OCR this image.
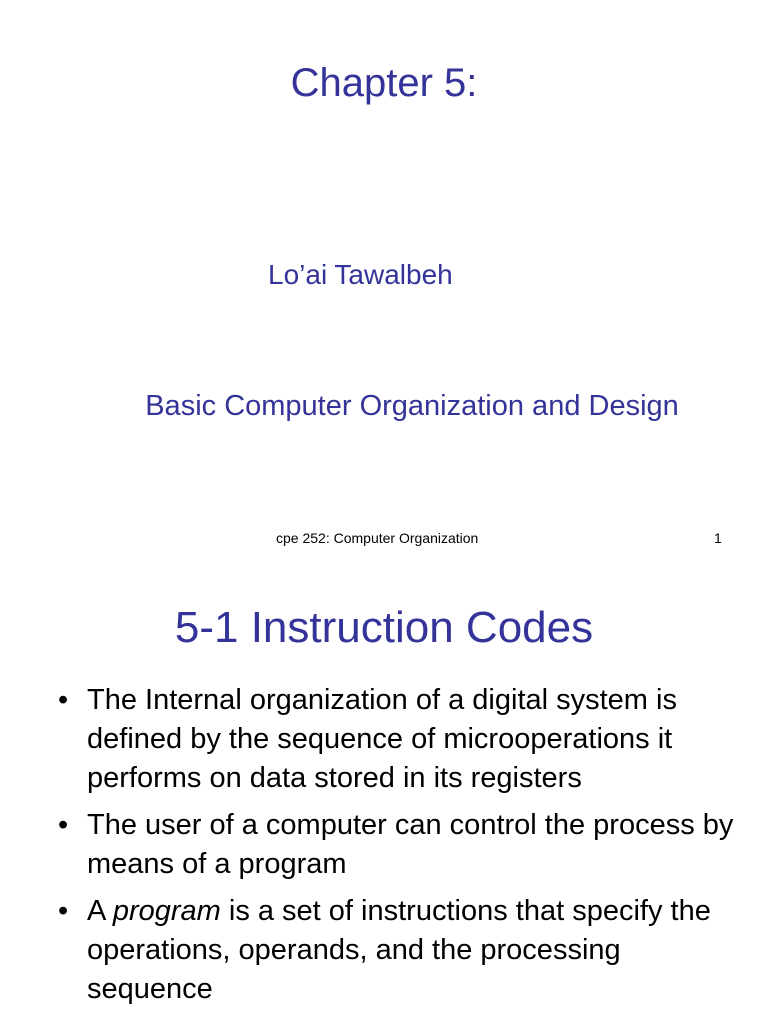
Chapter 5:
Lo’ai Tawalbeh
Basic Computer Organization and Design
cpe 252: Computer Organization	1
5-1 Instruction Codes
• The Internal organization of a digital system is defined by the sequence of microoperations it performs on data stored in its registers
• The user of a computer can control the process by means of a program
• A program is a set of instructions that specify the operations, operands, and the processing sequence
